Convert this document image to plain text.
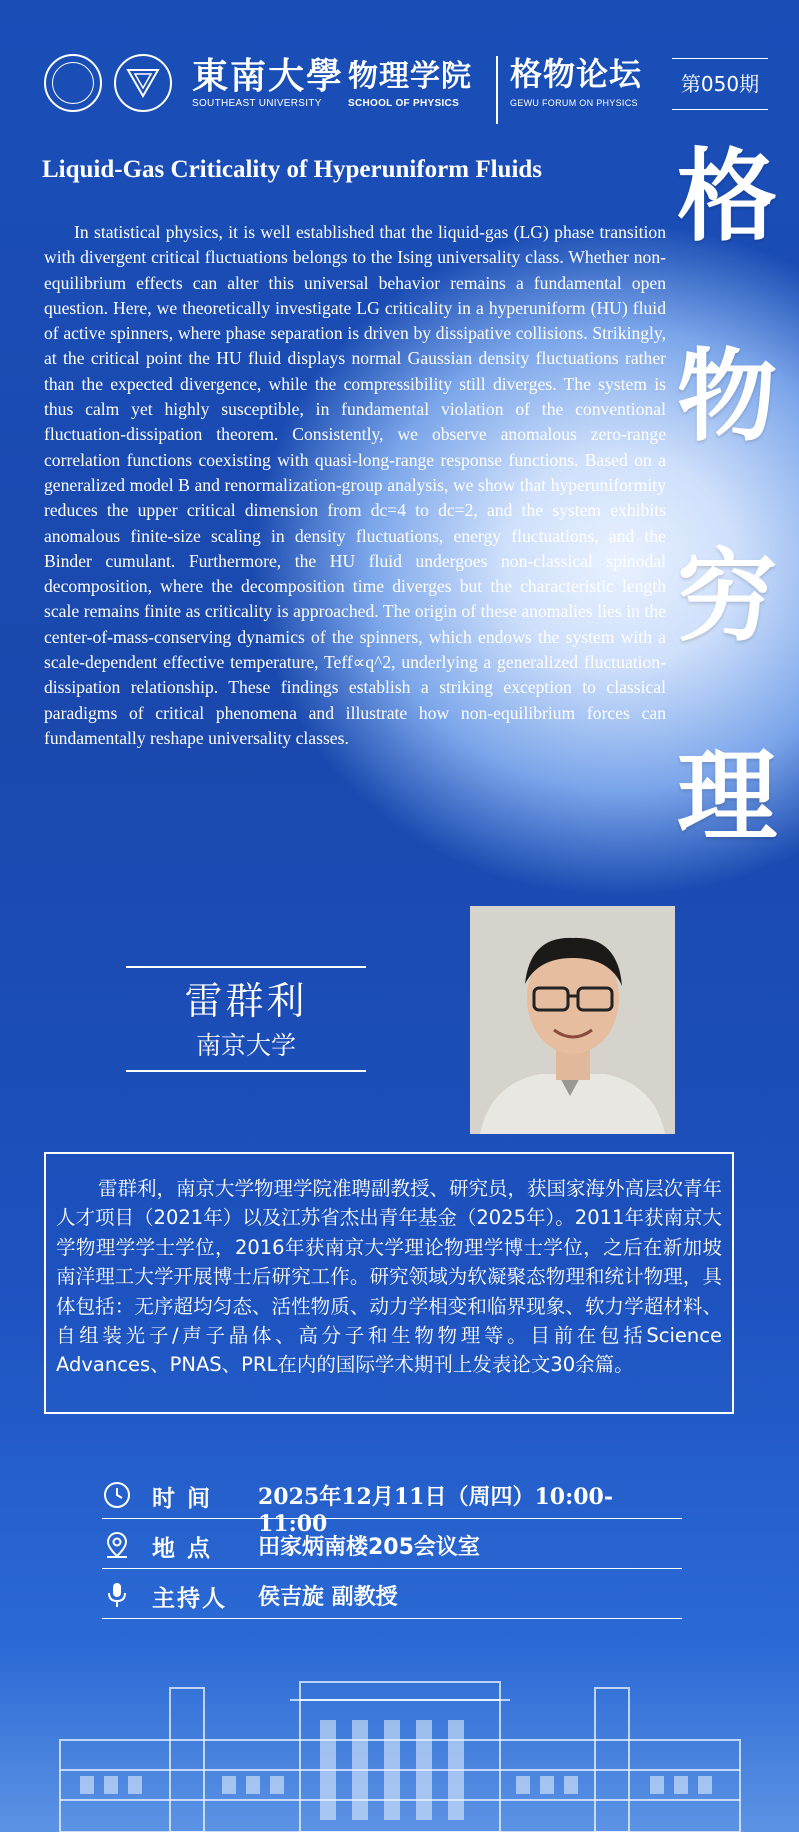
東南大學
SOUTHEAST UNIVERSITY
物理学院
SCHOOL OF PHYSICS
格物论坛
GEWU FORUM ON PHYSICS
第050期
Liquid-Gas Criticality of Hyperuniform Fluids	格
物
穷
理
In statistical physics, it is well established that the liquid-gas (LG) phase transition with divergent critical fluctuations belongs to the Ising universality class. Whether non-equilibrium effects can alter this universal behavior remains a fundamental open question. Here, we theoretically investigate LG criticality in a hyperuniform (HU) fluid of active spinners, where phase separation is driven by dissipative collisions. Strikingly, at the critical point the HU fluid displays normal Gaussian density fluctuations rather than the expected divergence, while the compressibility still diverges. The system is thus calm yet highly susceptible, in fundamental violation of the conventional fluctuation-dissipation theorem. Consistently, we observe anomalous zero-range correlation functions coexisting with quasi-long-range response functions. Based on a generalized model B and renormalization-group analysis, we show that hyperuniformity reduces the upper critical dimension from dc=4 to dc=2, and the system exhibits anomalous finite-size scaling in density fluctuations, energy fluctuations, and the Binder cumulant. Furthermore, the HU fluid undergoes non-classical spinodal decomposition, where the decomposition time diverges but the characteristic length scale remains finite as criticality is approached. The origin of these anomalies lies in the center-of-mass-conserving dynamics of the spinners, which endows the system with a scale-dependent effective temperature, Teff∝q^2, underlying a generalized fluctuation-dissipation relationship. These findings establish a striking exception to classical paradigms of critical phenomena and illustrate how non-equilibrium forces can fundamentally reshape universality classes.
雷群利
南京大学
雷群利，南京大学物理学院准聘副教授、研究员，获国家海外高层次青年人才项目（2021年）以及江苏省杰出青年基金（2025年）。2011年获南京大学物理学学士学位，2016年获南京大学理论物理学博士学位，之后在新加坡南洋理工大学开展博士后研究工作。研究领域为软凝聚态物理和统计物理，具体包括：无序超均匀态、活性物质、动力学相变和临界现象、软力学超材料、自组装光子/声子晶体、高分子和生物物理等。目前在包括Science Advances、PNAS、PRL在内的国际学术期刊上发表论文30余篇。
时 间 2025年12月11日（周四）10:00-11:00
地 点 田家炳南楼205会议室
主持人 侯吉旋 副教授
